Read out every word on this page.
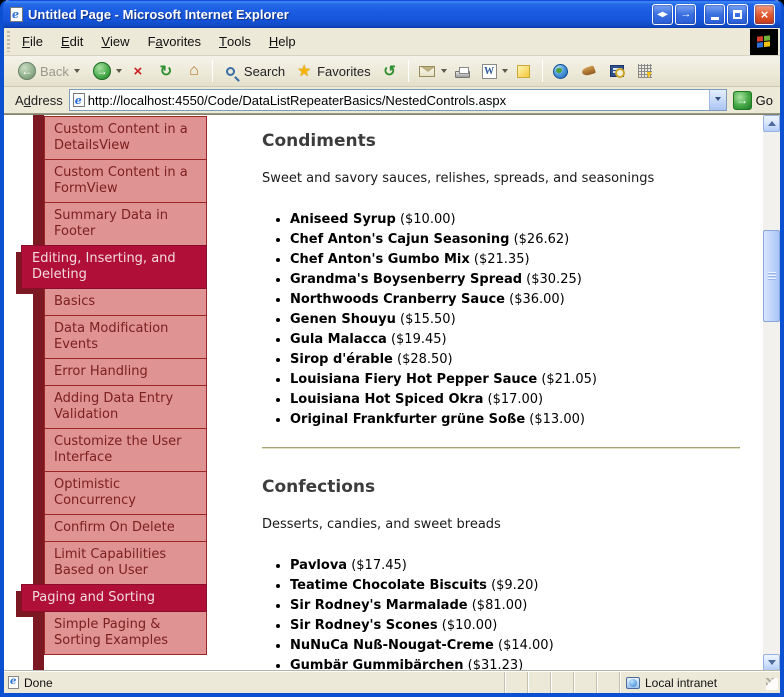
e Untitled Page - Microsoft Internet Explorer	◂▸ →	×
F ile E dit V iew F a vorites T ools H elp
← Back → × ↻ ⌂	Search ★ Favorites ↺	W
Address e
http://localhost:4550/Code/DataListRepeaterBasics/NestedControls.aspx	→ Go
Custom Content in a DetailsView
Custom Content in a FormView
Summary Data in Footer
Editing, Inserting, and Deleting
Basics
Data Modification Events
Error Handling
Adding Data Entry Validation
Customize the User Interface
Optimistic Concurrency
Confirm On Delete
Limit Capabilities Based on User
Paging and Sorting
Simple Paging & Sorting Examples
Condiments
Sweet and savory sauces, relishes, spreads, and seasonings
• Aniseed Syrup ($10.00)
• Chef Anton's Cajun Seasoning ($26.62)
• Chef Anton's Gumbo Mix ($21.35)
• Grandma's Boysenberry Spread ($30.25)
• Northwoods Cranberry Sauce ($36.00)
• Genen Shouyu ($15.50)
• Gula Malacca ($19.45)
• Sirop d'érable ($28.50)
• Louisiana Fiery Hot Pepper Sauce ($21.05)
• Louisiana Hot Spiced Okra ($17.00)
• Original Frankfurter grüne Soße ($13.00)
Confections
Desserts, candies, and sweet breads
• Pavlova ($17.45)
• Teatime Chocolate Biscuits ($9.20)
• Sir Rodney's Marmalade ($81.00)
• Sir Rodney's Scones ($10.00)
• NuNuCa Nuß-Nougat-Creme ($14.00)
• Gumbär Gummibärchen ($31.23)
e Done	Local intranet
